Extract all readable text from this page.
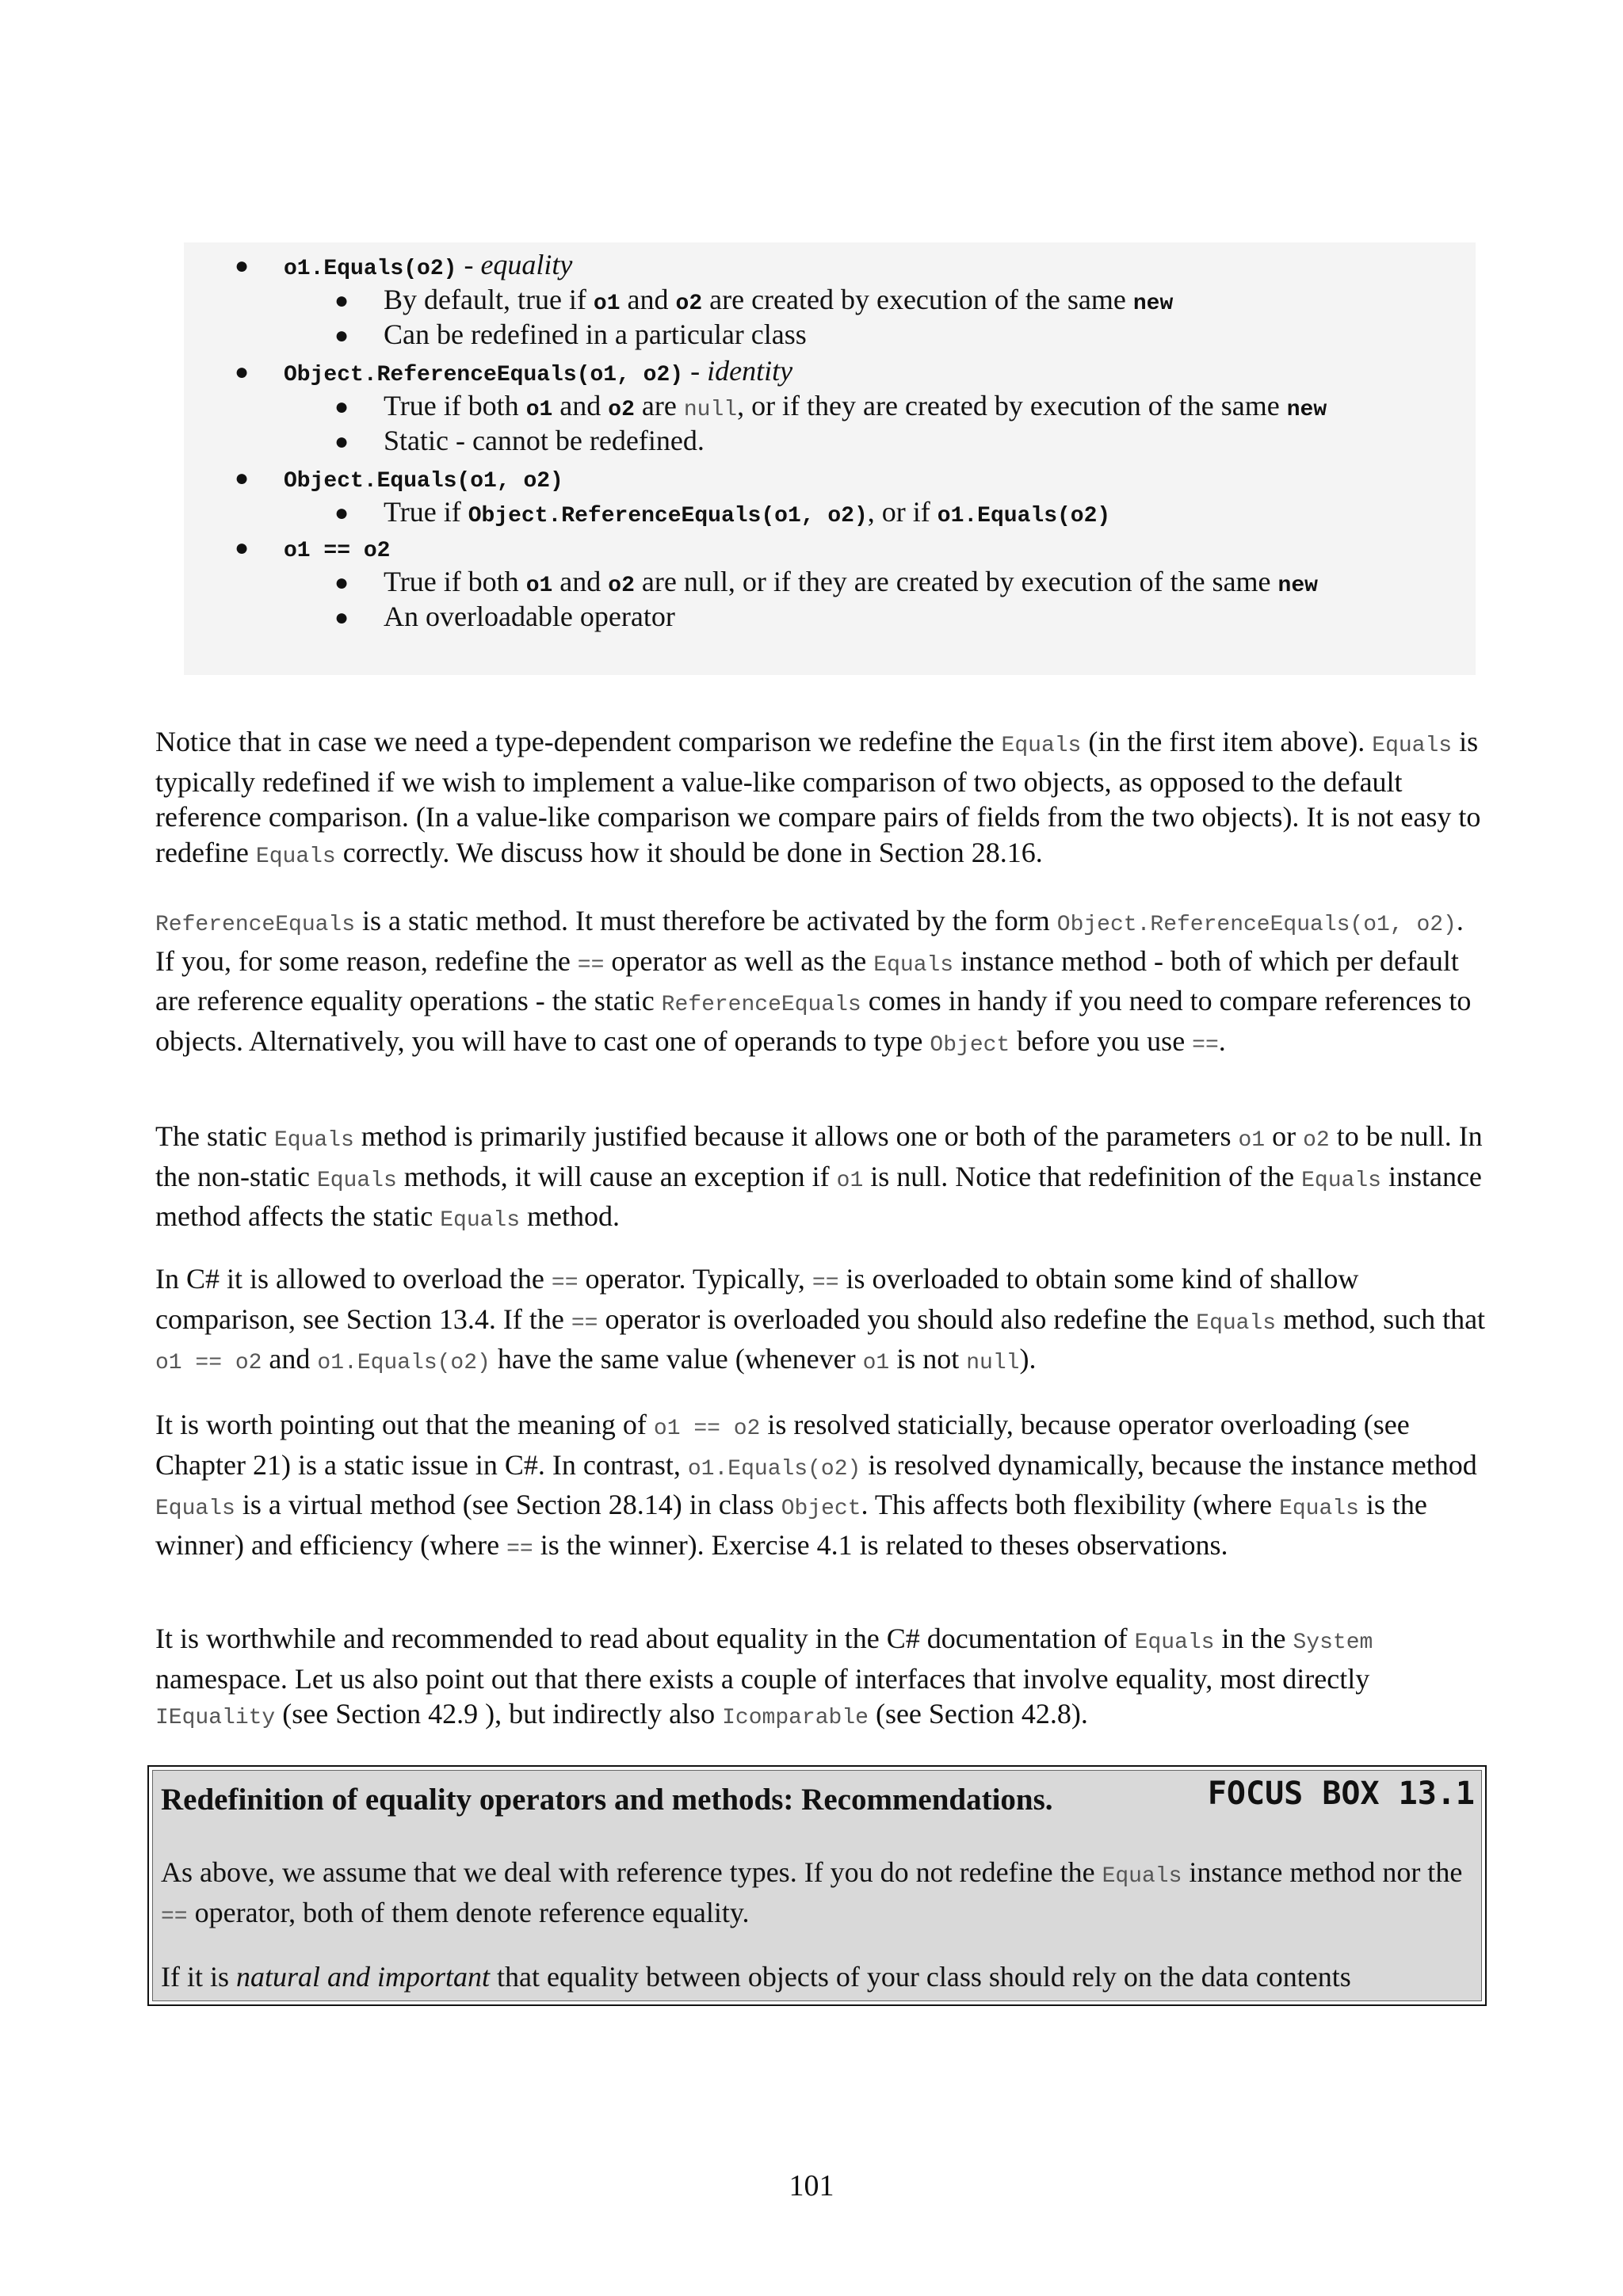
● o1.Equals(o2) - equality
● By default, true if o1 and o2 are created by execution of the same new
● Can be redefined in a particular class
● Object.ReferenceEquals(o1, o2) - identity
● True if both o1 and o2 are null, or if they are created by execution of the same new
● Static - cannot be redefined.
● Object.Equals(o1, o2)
● True if Object.ReferenceEquals(o1, o2), or if o1.Equals(o2)
● o1 == o2
● True if both o1 and o2 are null, or if they are created by execution of the same new
● An overloadable operator

Notice that in case we need a type-dependent comparison we redefine the Equals (in the first item above). Equals is typically redefined if we wish to implement a value-like comparison of two objects, as opposed to the default reference comparison. (In a value-like comparison we compare pairs of fields from the two objects). It is not easy to redefine Equals correctly. We discuss how it should be done in Section 28.16.

ReferenceEquals is a static method. It must therefore be activated by the form Object.ReferenceEquals(o1, o2). If you, for some reason, redefine the == operator as well as the Equals instance method - both of which per default are reference equality operations - the static ReferenceEquals comes in handy if you need to compare references to objects. Alternatively, you will have to cast one of operands to type Object before you use ==.

The static Equals method is primarily justified because it allows one or both of the parameters o1 or o2 to be null. In the non-static Equals methods, it will cause an exception if o1 is null. Notice that redefinition of the Equals instance method affects the static Equals method.

In C# it is allowed to overload the == operator. Typically, == is overloaded to obtain some kind of shallow comparison, see Section 13.4. If the == operator is overloaded you should also redefine the Equals method, such that o1 == o2 and o1.Equals(o2) have the same value (whenever o1 is not null).

It is worth pointing out that the meaning of o1 == o2 is resolved staticially, because operator overloading (see Chapter 21) is a static issue in C#. In contrast, o1.Equals(o2) is resolved dynamically, because the instance method Equals is a virtual method (see Section 28.14) in class Object. This affects both flexibility (where Equals is the winner) and efficiency (where == is the winner). Exercise 4.1 is related to theses observations.

It is worthwhile and recommended to read about equality in the C# documentation of Equals in the System namespace. Let us also point out that there exists a couple of interfaces that involve equality, most directly IEquality (see Section 42.9 ), but indirectly also Icomparable (see Section 42.8).

Redefinition of equality operators and methods: Recommendations.	FOCUS BOX 13.1
As above, we assume that we deal with reference types. If you do not redefine the Equals instance method nor the == operator, both of them denote reference equality.
If it is natural and important that equality between objects of your class should rely on the data contents
101
